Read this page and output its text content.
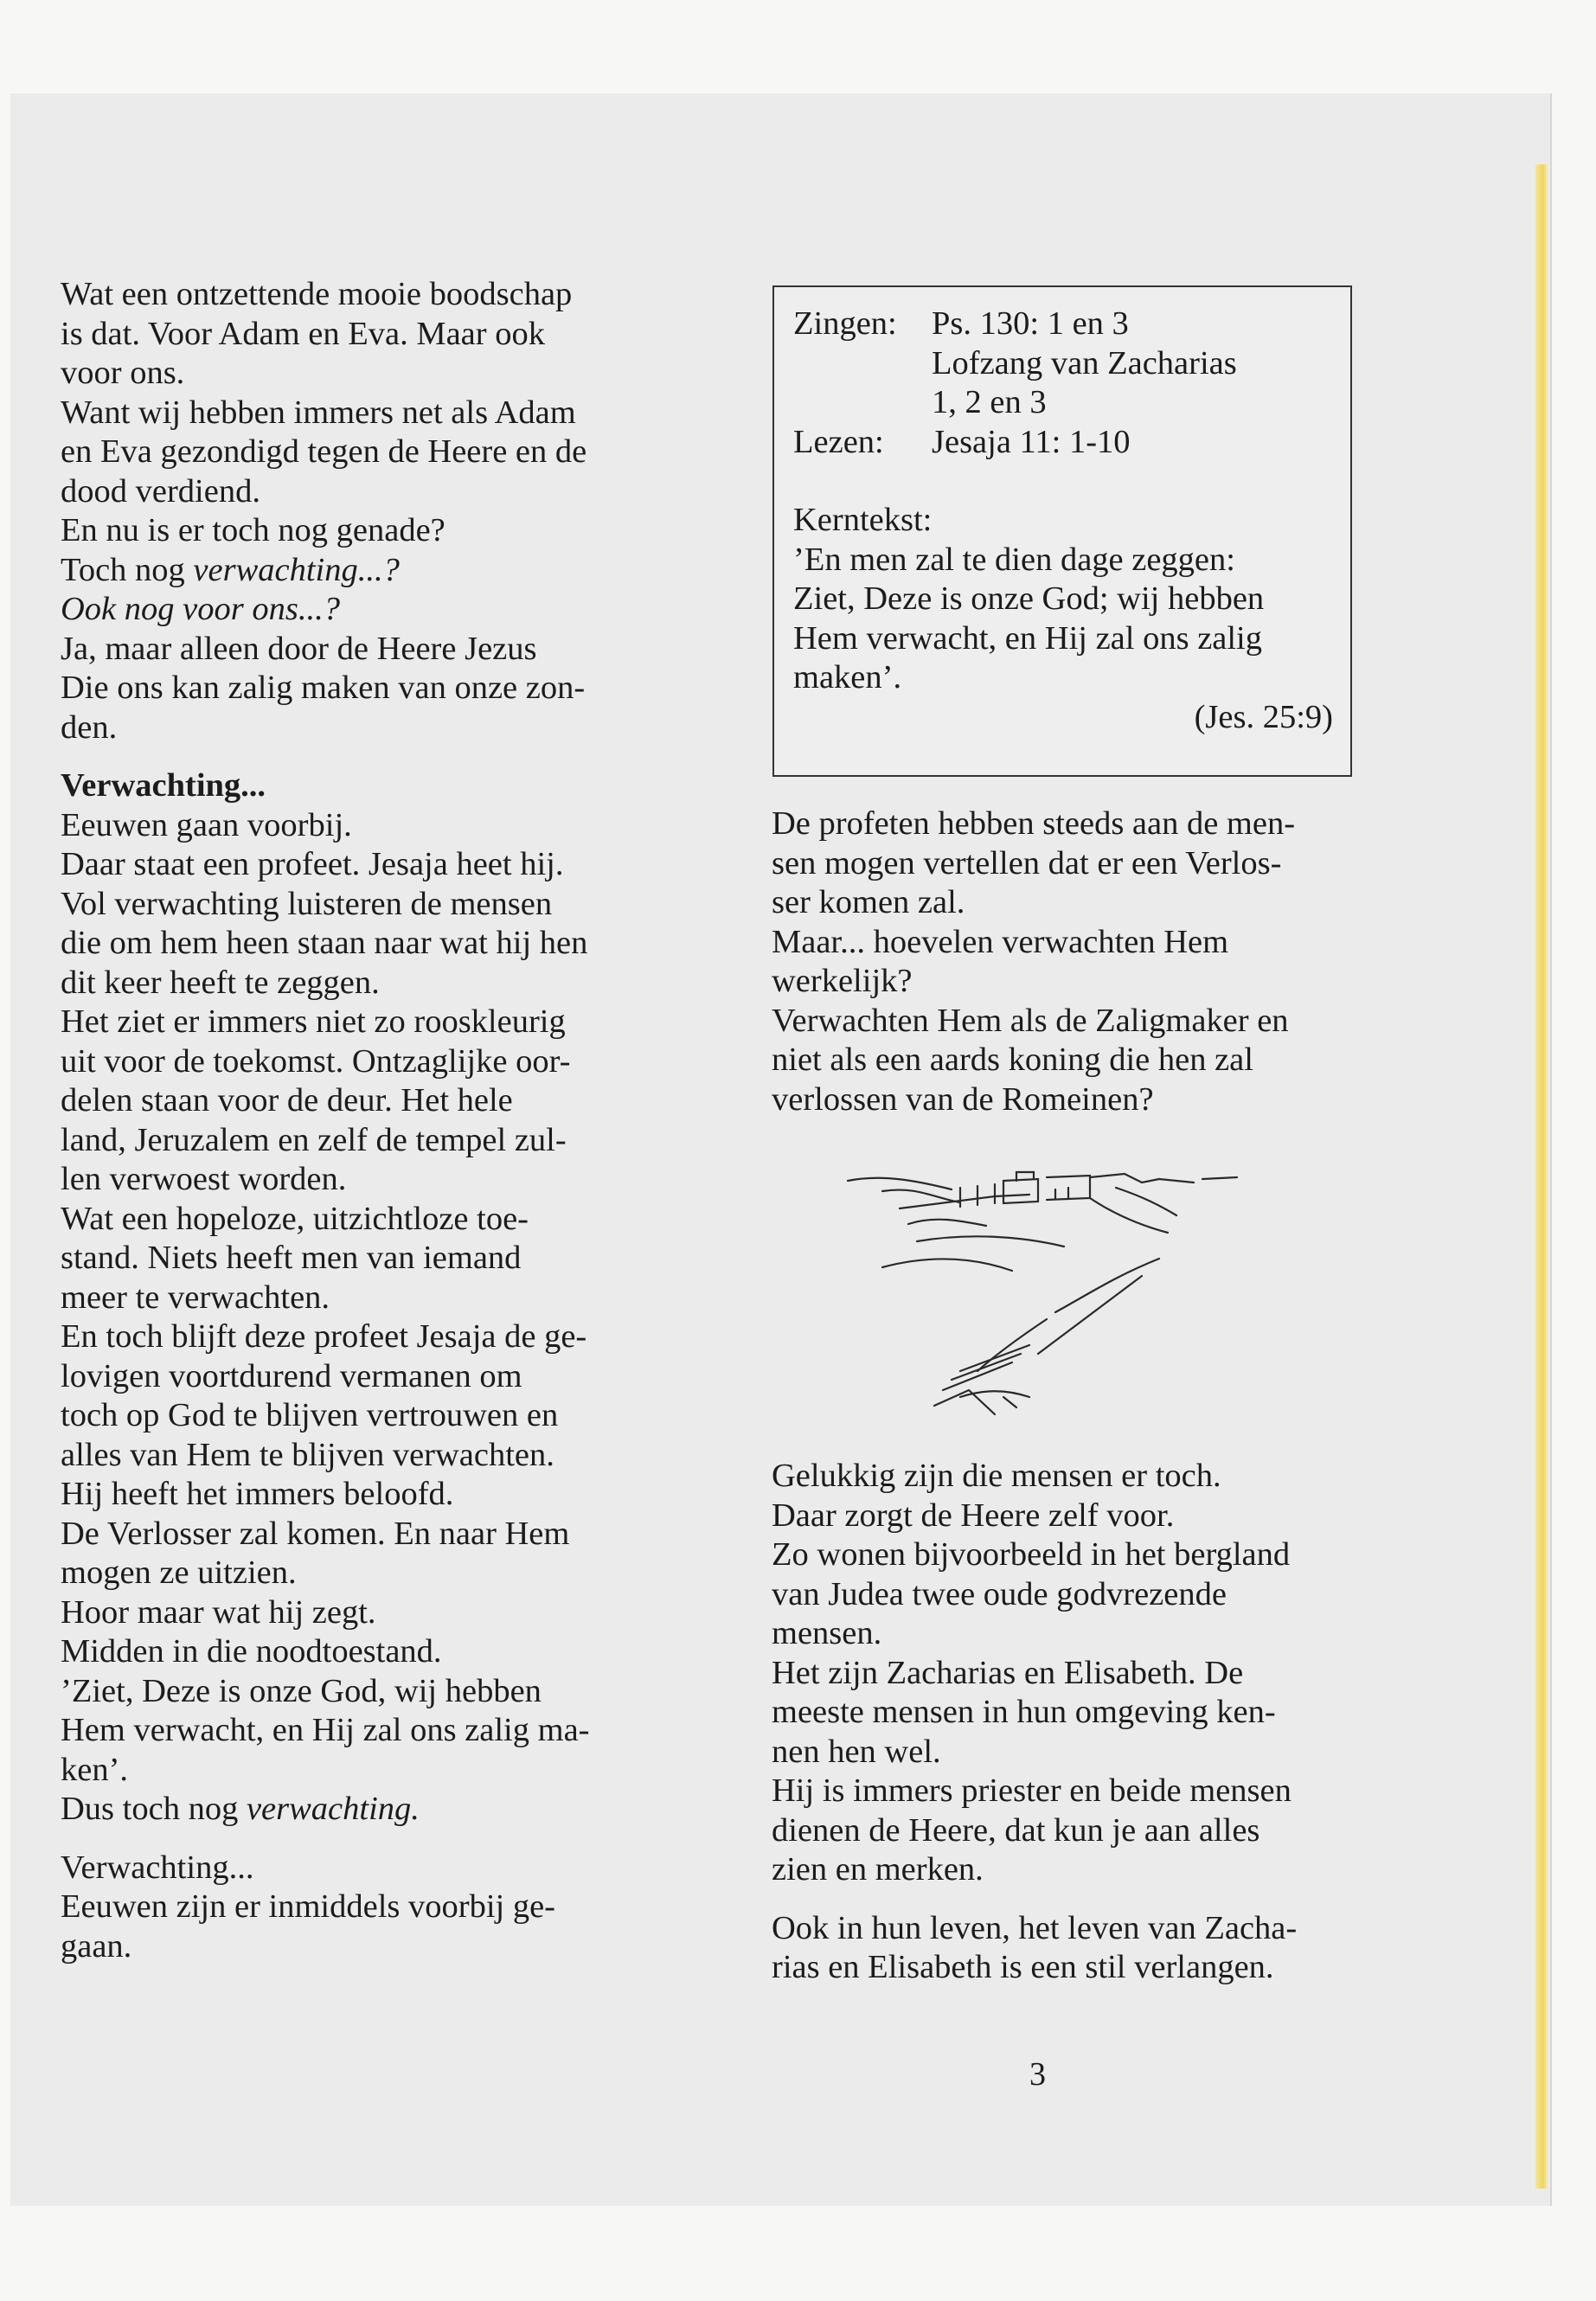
Wat een ontzettende mooie boodschap
is dat. Voor Adam en Eva. Maar ook
voor ons.
Want wij hebben immers net als Adam
en Eva gezondigd tegen de Heere en de
dood verdiend.
En nu is er toch nog genade?
Toch nog verwachting...?
Ook nog voor ons...?
Ja, maar alleen door de Heere Jezus
Die ons kan zalig maken van onze zon-
den.

Verwachting...

Eeuwen gaan voorbij.
Daar staat een profeet. Jesaja heet hij.
Vol verwachting luisteren de mensen
die om hem heen staan naar wat hij hen
dit keer heeft te zeggen.
Het ziet er immers niet zo rooskleurig
uit voor de toekomst. Ontzaglijke oor-
delen staan voor de deur. Het hele
land, Jeruzalem en zelf de tempel zul-
len verwoest worden.
Wat een hopeloze, uitzichtloze toe-
stand. Niets heeft men van iemand
meer te verwachten.
En toch blijft deze profeet Jesaja de ge-
lovigen voortdurend vermanen om
toch op God te blijven vertrouwen en
alles van Hem te blijven verwachten.
Hij heeft het immers beloofd.
De Verlosser zal komen. En naar Hem
mogen ze uitzien.
Hoor maar wat hij zegt.
Midden in die noodtoestand.
’Ziet, Deze is onze God, wij hebben
Hem verwacht, en Hij zal ons zalig ma-
ken’.
Dus toch nog verwachting.

Verwachting...
Eeuwen zijn er inmiddels voorbij ge-
gaan.

Zingen:	Ps. 130: 1 en 3
Lofzang van Zacharias
1, 2 en 3
Lezen:	Jesaja 11: 1-10
Kerntekst:
’En men zal te dien dage zeggen:
Ziet, Deze is onze God; wij hebben
Hem verwacht, en Hij zal ons zalig
maken’.
(Jes. 25:9)

De profeten hebben steeds aan de men-
sen mogen vertellen dat er een Verlos-
ser komen zal.
Maar... hoevelen verwachten Hem
werkelijk?
Verwachten Hem als de Zaligmaker en
niet als een aards koning die hen zal
verlossen van de Romeinen?

Gelukkig zijn die mensen er toch.
Daar zorgt de Heere zelf voor.
Zo wonen bijvoorbeeld in het bergland
van Judea twee oude godvrezende
mensen.
Het zijn Zacharias en Elisabeth. De
meeste mensen in hun omgeving ken-
nen hen wel.
Hij is immers priester en beide mensen
dienen de Heere, dat kun je aan alles
zien en merken.

Ook in hun leven, het leven van Zacha-
rias en Elisabeth is een stil verlangen.

3
